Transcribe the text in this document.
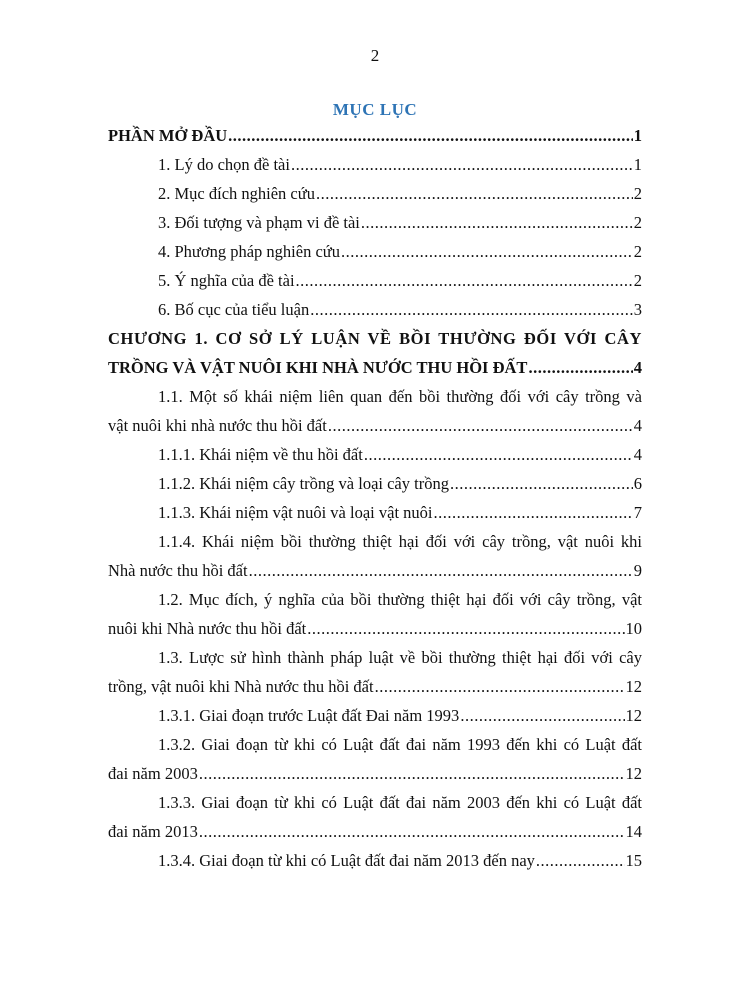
2
MỤC LỤC
PHẦN MỞ ĐẦU .....	1
1. Lý do chọn đề tài .....	1
2. Mục đích nghiên cứu .....	2
3. Đối tượng và phạm vi đề tài .....	2
4. Phương pháp nghiên cứu .....	2
5. Ý nghĩa của đề tài .....	2
6. Bố cục của tiểu luận .....	3
CHƯƠNG 1. CƠ SỞ LÝ LUẬN VỀ BỒI THƯỜNG ĐỐI VỚI CÂY
TRỒNG VÀ VẬT NUÔI KHI NHÀ NƯỚC THU HỒI ĐẤT .....	4
1.1. Một số khái niệm liên quan đến bồi thường đối với cây trồng và
vật nuôi khi nhà nước thu hồi đất .....	4
1.1.1. Khái niệm về thu hồi đất .....	4
1.1.2. Khái niệm cây trồng và loại cây trồng .....	6
1.1.3. Khái niệm vật nuôi và loại vật nuôi .....	7
1.1.4. Khái niệm bồi thường thiệt hại đối với cây trồng, vật nuôi khi
Nhà nước thu hồi đất .....	9
1.2. Mục đích, ý nghĩa của bồi thường thiệt hại đối với cây trồng, vật
nuôi khi Nhà nước thu hồi đất .....	10
1.3. Lược sử hình thành pháp luật về bồi thường thiệt hại đối với cây
trồng, vật nuôi khi Nhà nước thu hồi đất .....	12
1.3.1. Giai đoạn trước Luật đất Đai năm 1993 .....	12
1.3.2. Giai đoạn từ khi có Luật đất đai năm 1993 đến khi có Luật đất
đai năm 2003 .....	12
1.3.3. Giai đoạn từ khi có Luật đất đai năm 2003 đến khi có Luật đất
đai năm 2013 .....	14
1.3.4. Giai đoạn từ khi có Luật đất đai năm 2013 đến nay .....	15
